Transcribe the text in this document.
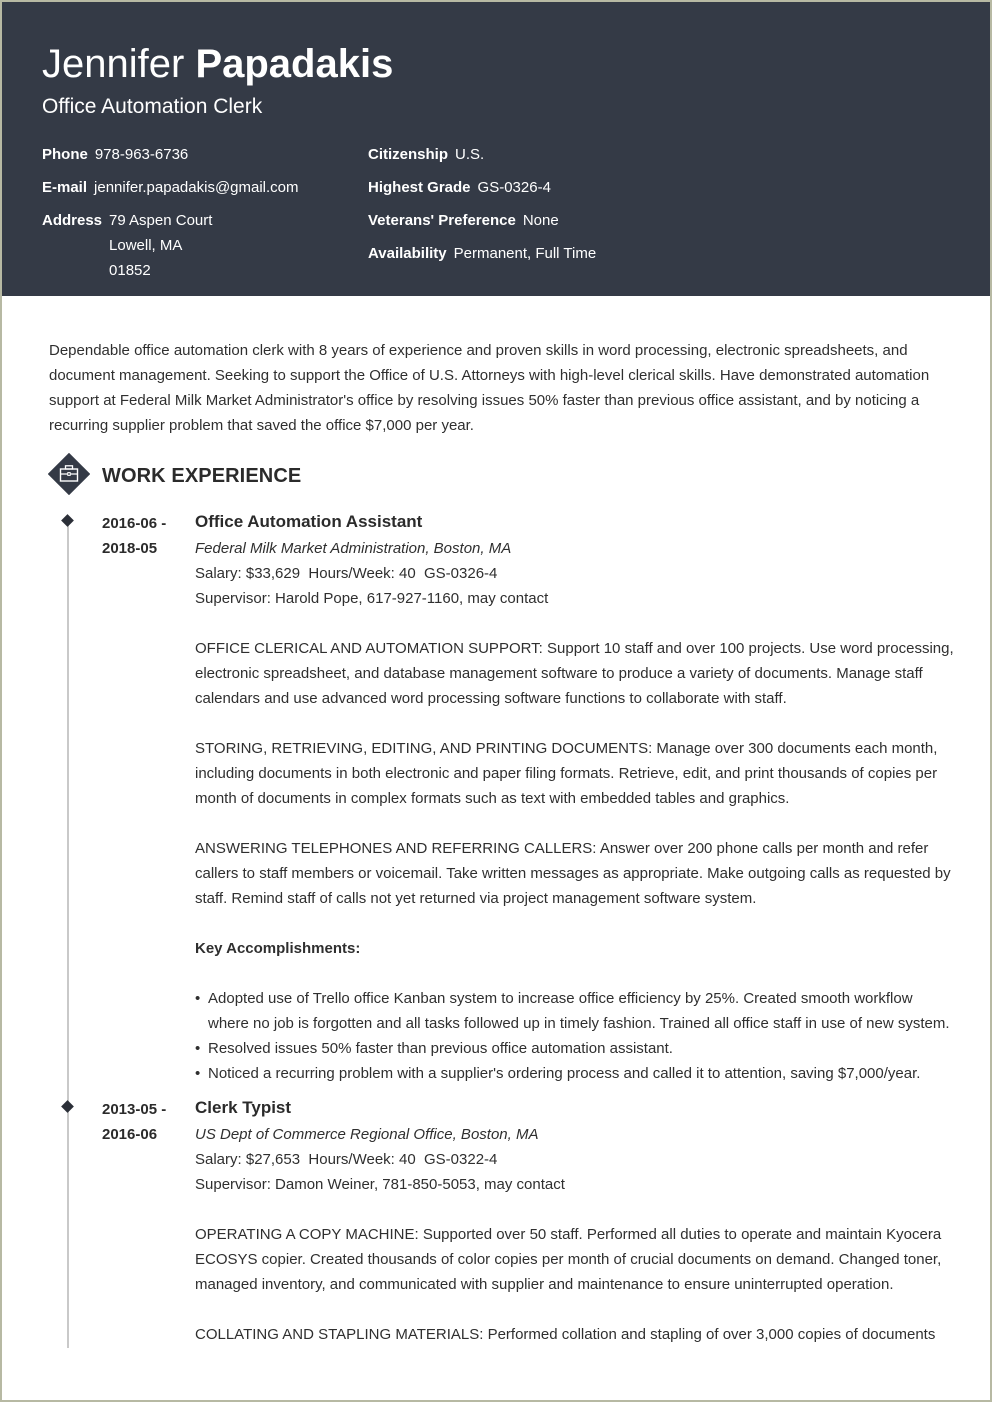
Jennifer Papadakis
Office Automation Clerk
Phone 978-963-6736
E-mail jennifer.papadakis@gmail.com
Address 79 Aspen Court
Lowell, MA
01852
Citizenship U.S.
Highest Grade GS-0326-4
Veterans' Preference None
Availability Permanent, Full Time
Dependable office automation clerk with 8 years of experience and proven skills in word processing, electronic spreadsheets, and document management. Seeking to support the Office of U.S. Attorneys with high-level clerical skills. Have demonstrated automation support at Federal Milk Market Administrator's office by resolving issues 50% faster than previous office assistant, and by noticing a recurring supplier problem that saved the office $7,000 per year.
WORK EXPERIENCE
2016-06 -
2018-05
Office Automation Assistant
Federal Milk Market Administration, Boston, MA
Salary: $33,629  Hours/Week: 40  GS-0326-4
Supervisor: Harold Pope, 617-927-1160, may contact
OFFICE CLERICAL AND AUTOMATION SUPPORT: Support 10 staff and over 100 projects. Use word processing, electronic spreadsheet, and database management software to produce a variety of documents. Manage staff calendars and use advanced word processing software functions to collaborate with staff.
STORING, RETRIEVING, EDITING, AND PRINTING DOCUMENTS: Manage over 300 documents each month, including documents in both electronic and paper filing formats. Retrieve, edit, and print thousands of copies per month of documents in complex formats such as text with embedded tables and graphics.
ANSWERING TELEPHONES AND REFERRING CALLERS: Answer over 200 phone calls per month and refer callers to staff members or voicemail. Take written messages as appropriate. Make outgoing calls as requested by staff. Remind staff of calls not yet returned via project management software system.
Key Accomplishments:
• Adopted use of Trello office Kanban system to increase office efficiency by 25%. Created smooth workflow where no job is forgotten and all tasks followed up in timely fashion. Trained all office staff in use of new system.
• Resolved issues 50% faster than previous office automation assistant.
• Noticed a recurring problem with a supplier's ordering process and called it to attention, saving $7,000/year.
2013-05 -
2016-06
Clerk Typist
US Dept of Commerce Regional Office, Boston, MA
Salary: $27,653  Hours/Week: 40  GS-0322-4
Supervisor: Damon Weiner, 781-850-5053, may contact
OPERATING A COPY MACHINE: Supported over 50 staff. Performed all duties to operate and maintain Kyocera ECOSYS copier. Created thousands of color copies per month of crucial documents on demand. Changed toner, managed inventory, and communicated with supplier and maintenance to ensure uninterrupted operation.
COLLATING AND STAPLING MATERIALS: Performed collation and stapling of over 3,000 copies of documents
